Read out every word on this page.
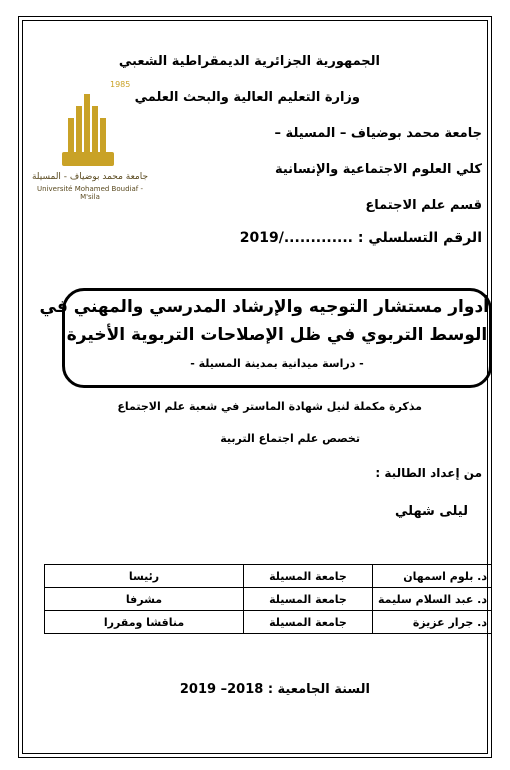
الجمهورية الجزائرية الديمقراطية الشعبي
وزارة التعليم العالية والبحث العلمي
جامعة محمد بوضياف – المسيلة –
كلي العلوم الاجتماعية والإنسانية
قسم علم الاجتماع
الرقم التسلسلي : ............./2019
1985
جامعة محمد بوضياف - المسيلة
Université Mohamed Boudiaf - M'sila
أدوار مستشار التوجيه والإرشاد المدرسي والمهني في
الوسط التربوي في ظل الإصلاحات التربوية الأخيرة
- دراسة ميدانية بمدينة المسيلة -
مذكرة مكملة لنيل شهادة الماستر في شعبة علم الاجتماع
تخصص علم اجتماع التربية
من إعداد الطالبة :
ليلى شهلي
د. بلوم اسمهان	جامعة المسيلة	رئيسا
د. عبد السلام سليمة	جامعة المسيلة	مشرفا
د. جرار عزيزة	جامعة المسيلة	مناقشا ومقررا
السنة الجامعية : 2018– 2019
